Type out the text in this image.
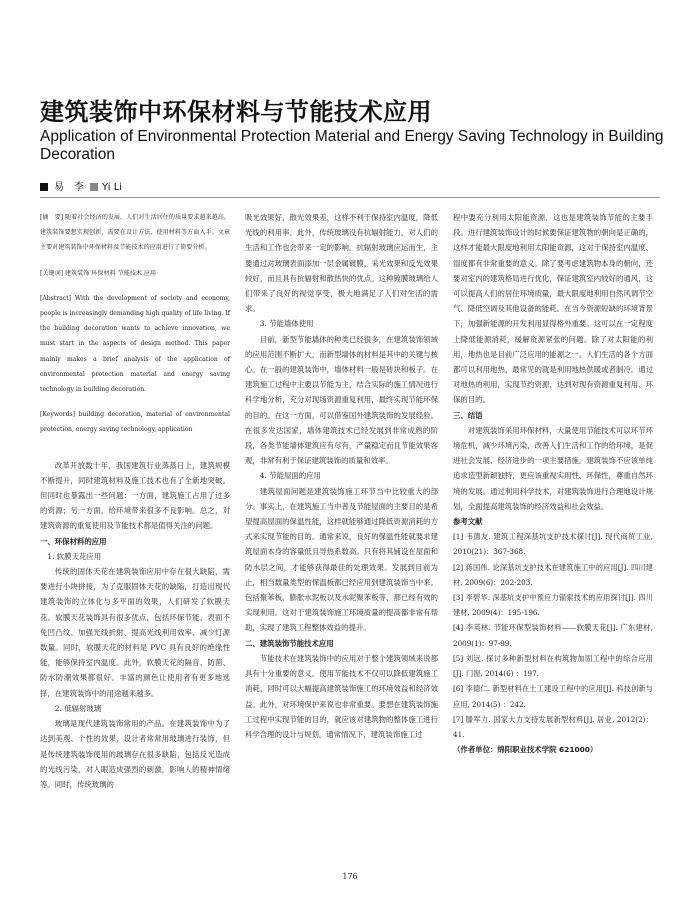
建筑装饰中环保材料与节能技术应用
Application of Environmental Protection Material and Energy Saving Technology in Building Decoration
易　李 Yi Li

[摘　要] 随着社会经济的发展，人们对生活居住的质量要求越来越高。建筑装饰要想实现创新，需要在设计方法、使用材料等方面入手。文章主要对建筑装饰中环保材料及节能技术的应用进行了简要分析。

[关键词] 建筑装饰 环保材料 节能技术 应用

[Abstract] With the development of society and economy, people is increasingly demanding high quality of life living. If the building decoration wants to achieve innovation, we must start in the aspects of design method. This paper mainly makes a brief analysis of the application of environmental protection material and energy saving technology in building decoration.

[Keywords] building decoration, material of environmental protection, energy saving technology, application

改革开放数十年，我国建筑行业蒸蒸日上，建筑规模不断提升，同时建筑材料及施工技术也有了全新地突破。但同时也暴露出一些问题：一方面，建筑施工占用了过多的资源；另一方面，给环境带来很多不良影响。总之，对建筑资源的重复使用及节能技术都是值得关注的问题。

一、环保材料的应用

1. 软膜天花应用

传统的固体天花在建筑装饰应用中存在很大缺陷，需要进行小块拼接，为了克服固体天花的缺陷，打造出现代建筑装饰的立体化与多平面的效果，人们研发了软膜天花。软膜天花装饰具有很多优点，包括环保节能、表面不免凹凸纹、加强光线折射、提高光线利用效率、减少灯源数量。同时，软膜天花的材料是 PVC 具有良好的绝缘性能，能够保持室内温度。此外，软膜天花的隔音、防菌、防水防潮效果都很好。丰富的颜色让使用者有更多地选择，在建筑装饰中的用途越来越多。

2. 低辐射玻璃

玻璃是现代建筑装饰常用的产品。在建筑装饰中为了达到美观、个性的效果，设计者常常用玻璃进行装饰，但是传统建筑装饰使用的玻璃存在很多缺陷，包括反光造成的光线污染，对人眼造成强烈的刺激，影响人的精神情绪等。同时，传统玻璃的

吸光效果好、散光效果差，这样不利于保持室内温度，降低光线的利用率。此外，传统玻璃没有抗辐射能力，对人们的生活和工作也会带来一定的影响。抗辐射玻璃应运而生，主要通过对玻璃表面添加一层金属镀膜，采光效果和反光效果较好，而且具有抗辐射和散热快的优点。这种镀膜玻璃给人们带来了良好的视觉享受，极大地满足了人们对生活的需求。

3. 节能墙体使用

目前，新型节能墙体的种类已经很多，在建筑装饰领域的应用范围不断扩大，而新型墙体的材料是其中的关键与核心。在一般的建筑装饰中，墙体材料一般是砖块和板子。在建筑施工过程中主要以节能为主，结合实际的施工情况进行科学地分析，充分对现场资源重复利用，最终实现节能环保的目的。在这一方面，可以借鉴国外建筑装饰的发展经验。在很多发达国家，墙体建筑技术已经发展到非常成熟的阶段，各类节能墙体建筑应有尽有，产量稳定而且节能效果客观，非常有利于保证建筑装饰的质量和效率。

4. 节能屋面的应用

建筑屋面问题是建筑装饰施工环节当中比较重大的部分。事实上，在建筑施工当中普及节能屋面的主要目的是希望提高屋面的保温性能，这样就能够通过降低资源消耗的方式来实现节能的目的。通常来说，良好的保温性能就要求建筑屋面本身的容量低且导热系数高。只有将其铺设在屋面和防水层之间，才能够获得最佳的处理效果。发展到目前为止，相当数量类型的保温板都已经应用到建筑装饰当中来。包括聚苯板、膨胀水泥板以及水泥聚苯板等，都已经有效的实现利用。这对于建筑装饰施工环境质量的提高都非常有帮助，实现了建筑工程整体效益的提升。

二、建筑装饰节能技术应用

节能技术在建筑装饰中的应用对于整个建筑领域来说都具有十分重要的意义。使用节能技术不仅可以降低建筑施工消耗，同时可以大幅提高建筑装饰施工的环境效益和经济效益。此外，对环境保护来说也非常重要。要想在建筑装饰施工过程中实现节能的目的，就应该对建筑物的整体施工进行科学合理的设计与规划。通常情况下，建筑装饰施工过

程中要充分利用太阳能资源，这也是建筑装饰节能的主要手段。进行建筑装饰设计的时候要保证建筑物的朝向是正确的，这样才能最大限度地利用太阳能资源，这对于保持室内温度、湿度都有非常重要的意义。除了要考虑建筑物本身的朝向，还要对室内的建筑格局进行优化，保证建筑室内较好的通风，这可以提高人们的居住环境质量，最大限度地利用自然风调节空气、降低空调及其他设备的能耗。在当今资源短缺的环境背景下，加强新能源的开发利用显得格外重要。这可以在一定程度上降低能源消耗，缓解资源紧张的问题。除了对太阳能的利用，地热也是目前广泛应用的能源之一。人们生活的各个方面都可以利用地热，最常见的就是利用地热供暖或者制冷。通过对地热的利用，实现节约资源，达到对现有资源重复利用、环保的目的。

三、结语

对建筑装饰采用环保材料，大量使用节能技术可以环节环境危机，减少环境污染，改善人们生活和工作的给环境，是促进社会发展、经济进步的一项主要措施。建筑装饰不应该单纯追求造型新颖独特，更应该重视实用性、环保性，尊重自然环境的发展。通过利用科学技术，对建筑装饰进行合理地设计规划，全面提高建筑装饰的经济效益和社会效益。

参考文献

[1] 韦德友. 建筑工程深基坑支护技术探讨[J]. 现代商贸工业, 2010(21)：367-368.

[2] 蒋国伟. 论深基坑支护技术在建筑施工中的应用[J]. 四川建材, 2009(6)：202-203.

[3] 李碧华. 深基坑支护中预应力锚索技术的应用探讨[J]. 四川建材, 2009(4)：195-196.

[4] 李英林. 节能环保型装饰材料——软膜天花[J]. 广东建材, 2009(1)：97-99.

[5] 刘远. 探讨多种新型材料在构筑物加固工程中的综合应用[J]. 门窗, 2014(6) ：197.

[6] 李德仁. 新型材料在土工建设工程中的应用[J]. 科技创新与应用, 2014(5) ：242.

[7] 滕军力. 国家大力支持发展新型材料[J]. 居业, 2012(2)：41.

（作者单位：绵阳职业技术学院 621000）

176
